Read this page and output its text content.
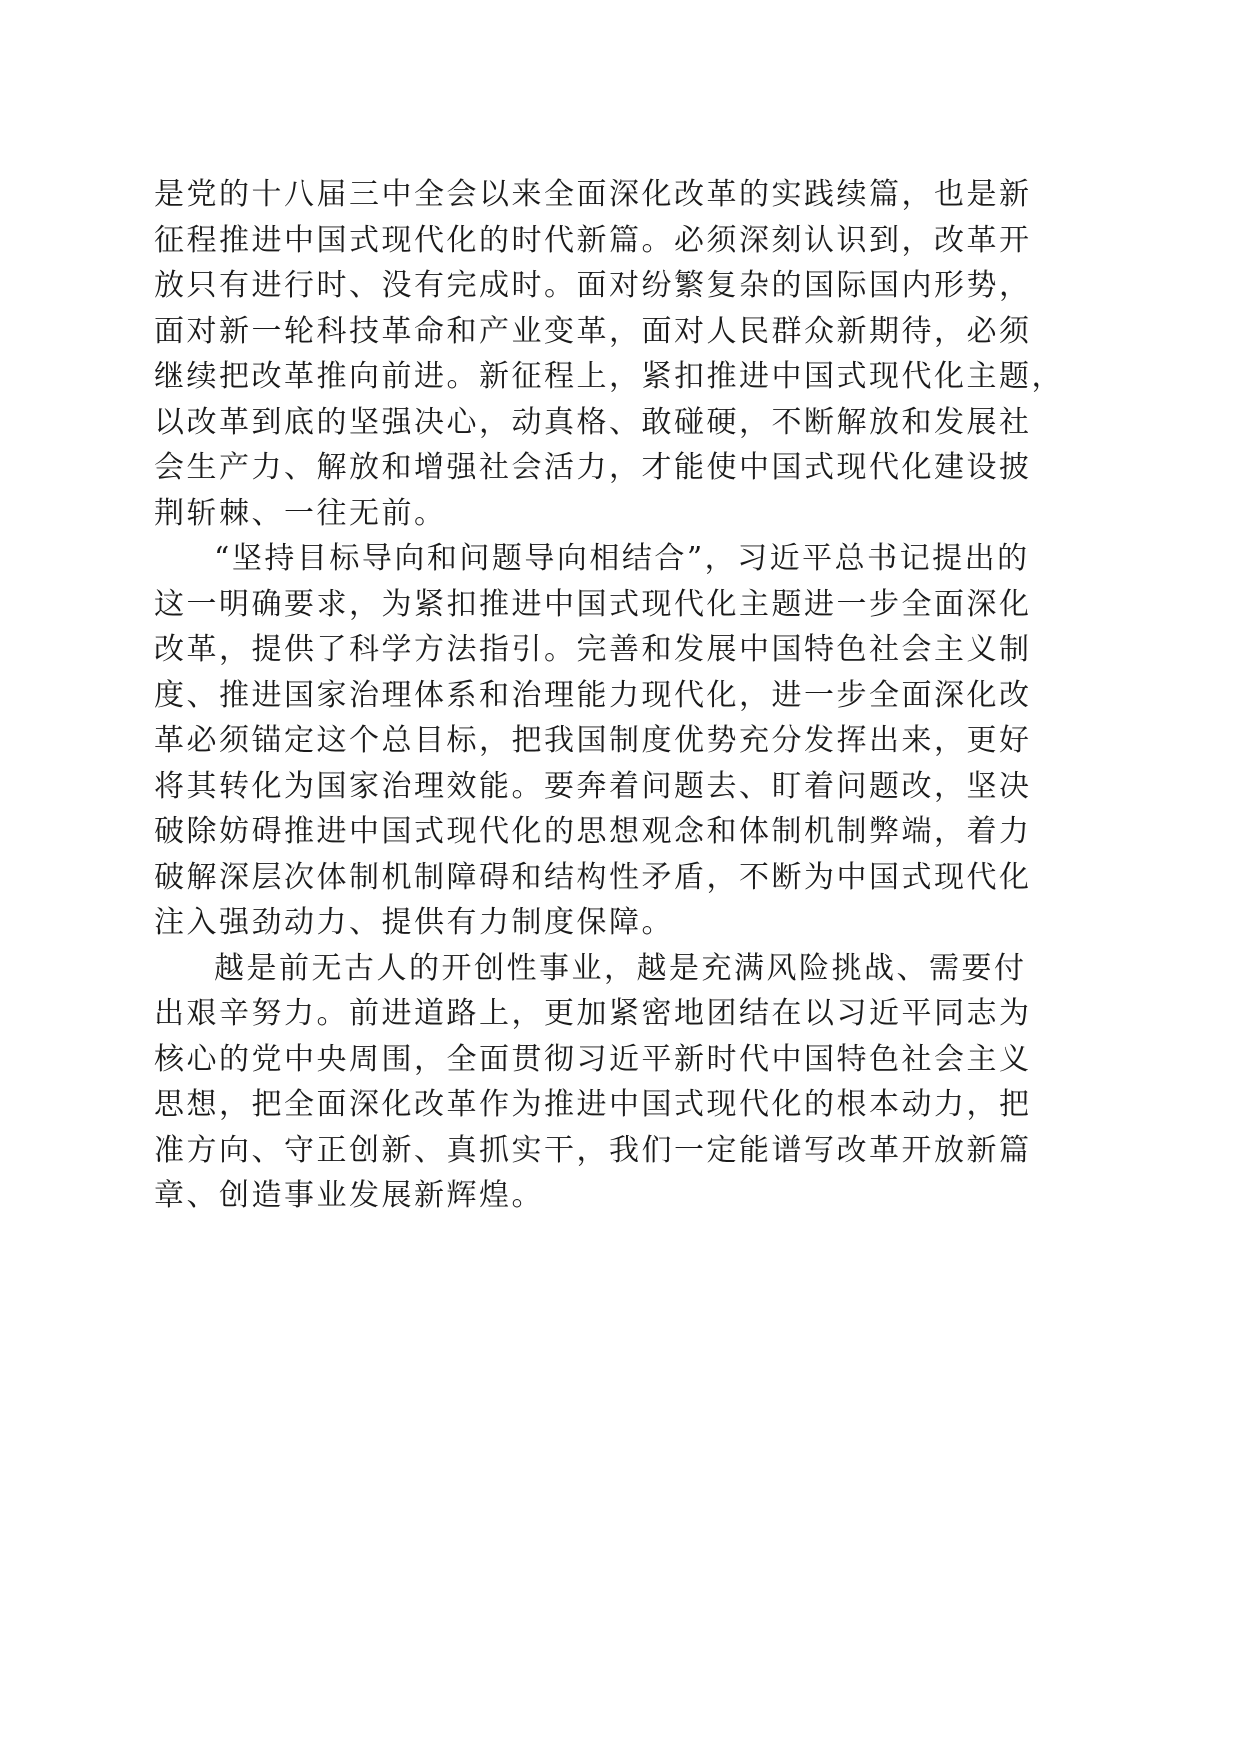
是党的十八届三中全会以来全面深化改革的实践续篇，也是新
征程推进中国式现代化的时代新篇。必须深刻认识到，改革开
放只有进行时、没有完成时。面对纷繁复杂的国际国内形势，
面对新一轮科技革命和产业变革，面对人民群众新期待，必须
继续把改革推向前进。新征程上，紧扣推进中国式现代化主题，
以改革到底的坚强决心，动真格、敢碰硬，不断解放和发展社
会生产力、解放和增强社会活力，才能使中国式现代化建设披
荆斩棘、一往无前。
“坚持目标导向和问题导向相结合”，习近平总书记提出的
这一明确要求，为紧扣推进中国式现代化主题进一步全面深化
改革，提供了科学方法指引。完善和发展中国特色社会主义制
度、推进国家治理体系和治理能力现代化，进一步全面深化改
革必须锚定这个总目标，把我国制度优势充分发挥出来，更好
将其转化为国家治理效能。要奔着问题去、盯着问题改，坚决
破除妨碍推进中国式现代化的思想观念和体制机制弊端，着力
破解深层次体制机制障碍和结构性矛盾，不断为中国式现代化
注入强劲动力、提供有力制度保障。
越是前无古人的开创性事业，越是充满风险挑战、需要付
出艰辛努力。前进道路上，更加紧密地团结在以习近平同志为
核心的党中央周围，全面贯彻习近平新时代中国特色社会主义
思想，把全面深化改革作为推进中国式现代化的根本动力，把
准方向、守正创新、真抓实干，我们一定能谱写改革开放新篇
章、创造事业发展新辉煌。
